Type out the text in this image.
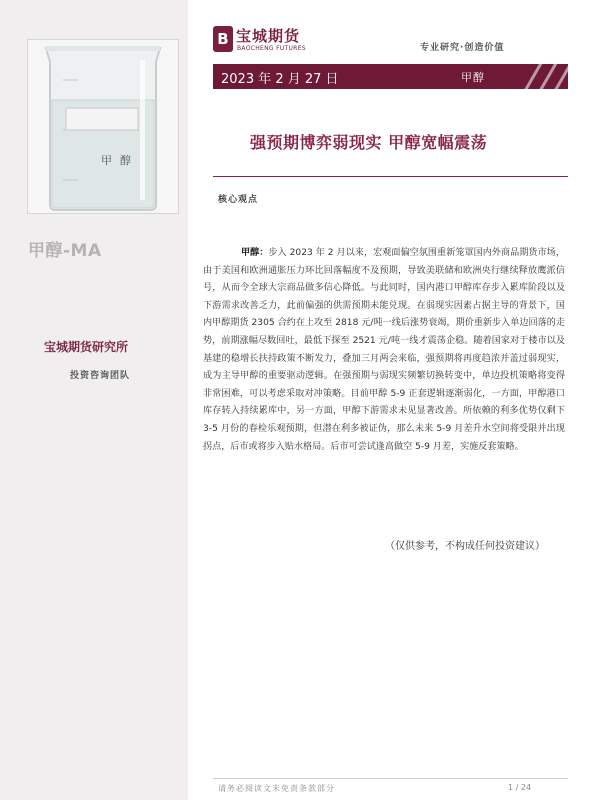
甲醇
甲醇-MA
宝城期货研究所
投资咨询团队
B 宝城期货
BAOCHENG FUTURES	专业研究·创造价值
2023 年 2 月 27 日	甲醇
强预期博弈弱现实 甲醇宽幅震荡
核心观点

甲醇：步入 2023 年 2 月以来，宏观面偏空氛围重新笼罩国内外商品期货市场，由于美国和欧洲通胀压力环比回落幅度不及预期，导致美联储和欧洲央行继续释放鹰派信号，从而令全球大宗商品做多信心降低。与此同时，国内港口甲醇库存步入累库阶段以及下游需求改善乏力，此前偏强的供需预期未能兑现。在弱现实因素占据主导的背景下，国内甲醇期货 2305 合约在上攻至 2818 元/吨一线后涨势衰竭，期价重新步入单边回落的走势，前期涨幅尽数回吐，最低下探至 2521 元/吨一线才震荡企稳。随着国家对于楼市以及基建的稳增长扶持政策不断发力，叠加三月两会来临，强预期将再度趋浓并盖过弱现实，成为主导甲醇的重要驱动逻辑。在强预期与弱现实频繁切换转变中，单边投机策略将变得非常困难，可以考虑采取对冲策略。目前甲醇 5-9 正套逻辑逐渐弱化，一方面，甲醇港口库存转入持续累库中，另一方面，甲醇下游需求未见显著改善。所依赖的利多优势仅剩下 3-5 月份的春检乐观预期，但潜在利多被证伪，那么未来 5-9 月差升水空间将受限并出现拐点，后市或将步入贴水格局。后市可尝试逢高做空 5-9 月差，实施反套策略。

（仅供参考，不构成任何投资建议）
请务必阅读文末免责条款部分	1 / 24
